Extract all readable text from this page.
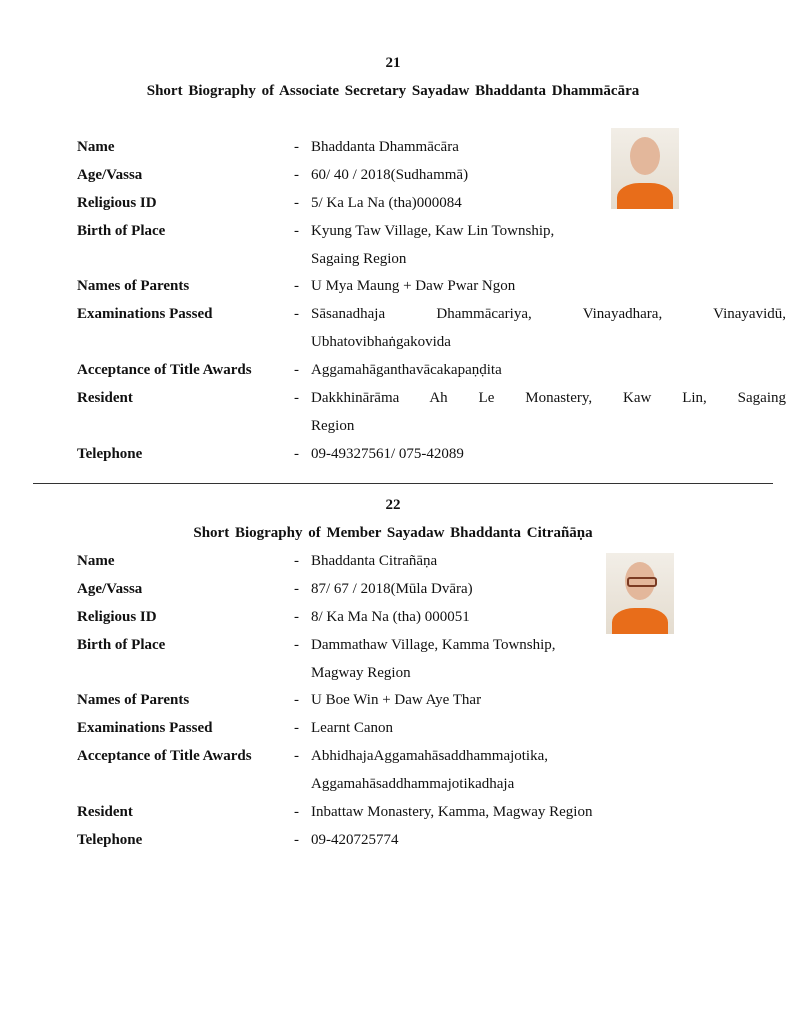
21
Short Biography of Associate Secretary Sayadaw Bhaddanta Dhammācāra
Name	- Bhaddanta Dhammācāra
Age/Vassa	- 60/ 40 / 2018(Sudhammā)
Religious ID	- 5/ Ka La Na (tha)000084
Birth of Place	- Kyung Taw Village, Kaw Lin Township,
Sagaing Region
Names of Parents	- U Mya Maung + Daw Pwar Ngon
Examinations Passed	- Sāsanadhaja Dhammācariya, Vinayadhara, Vinayavidū,
Ubhatovibhaṅgakovida
Acceptance of Title Awards	- Aggamahāganthavācakapaṇḍita
Resident	- Dakkhinārāma Ah Le Monastery, Kaw Lin, Sagaing
Region
Telephone	- 09-49327561/ 075-42089
22
Short Biography of Member Sayadaw Bhaddanta Citrañāṇa
Name	- Bhaddanta Citrañāṇa
Age/Vassa	- 87/ 67 / 2018(Mūla Dvāra)
Religious ID	- 8/ Ka Ma Na (tha) 000051
Birth of Place	- Dammathaw Village, Kamma Township,
Magway Region
Names of Parents	- U Boe Win + Daw Aye Thar
Examinations Passed	- Learnt Canon
Acceptance of Title Awards	- AbhidhajaAggamahāsaddhammajotika,
Aggamahāsaddhammajotikadhaja
Resident	- Inbattaw Monastery, Kamma, Magway Region
Telephone	- 09-420725774
